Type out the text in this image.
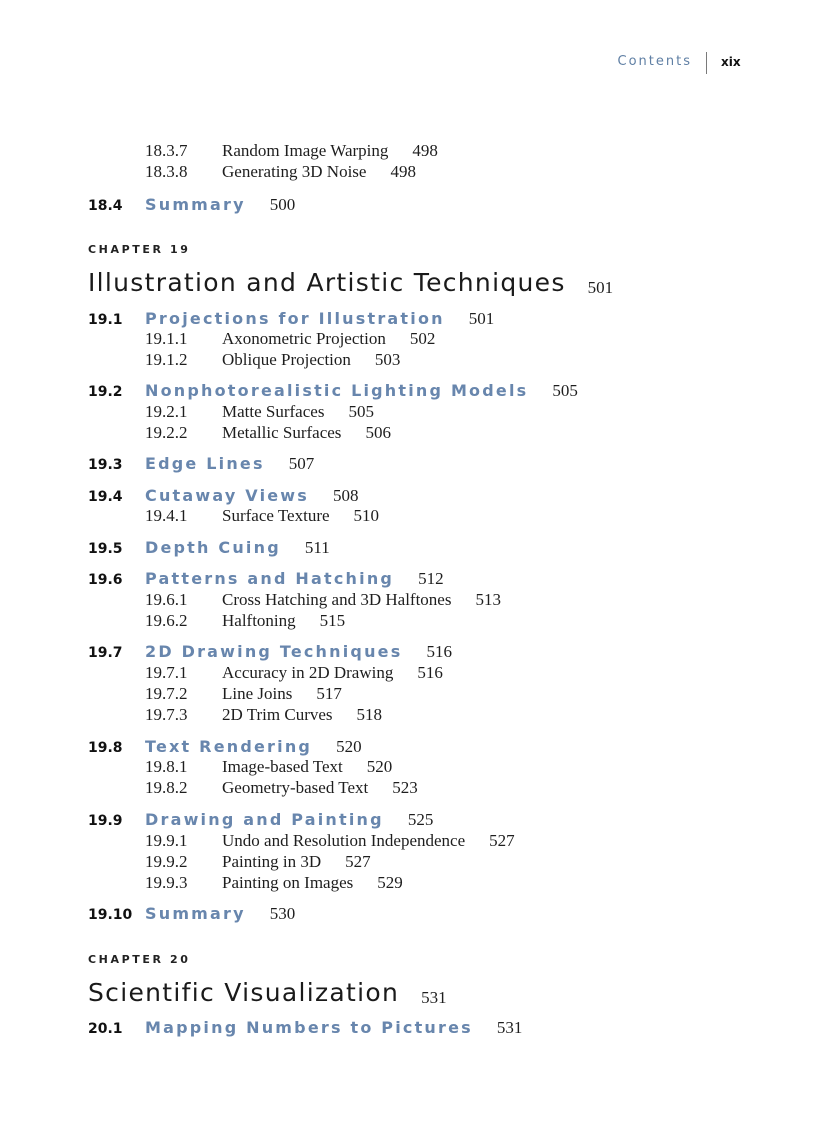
Contents xix
18.3.7 Random Image Warping 498
18.3.8 Generating 3D Noise 498
18.4 Summary 500
CHAPTER 19
Illustration and Artistic Techniques 501
19.1 Projections for Illustration 501
19.1.1 Axonometric Projection 502
19.1.2 Oblique Projection 503
19.2 Nonphotorealistic Lighting Models 505
19.2.1 Matte Surfaces 505
19.2.2 Metallic Surfaces 506
19.3 Edge Lines 507
19.4 Cutaway Views 508
19.4.1 Surface Texture 510
19.5 Depth Cuing 511
19.6 Patterns and Hatching 512
19.6.1 Cross Hatching and 3D Halftones 513
19.6.2 Halftoning 515
19.7 2D Drawing Techniques 516
19.7.1 Accuracy in 2D Drawing 516
19.7.2 Line Joins 517
19.7.3 2D Trim Curves 518
19.8 Text Rendering 520
19.8.1 Image-based Text 520
19.8.2 Geometry-based Text 523
19.9 Drawing and Painting 525
19.9.1 Undo and Resolution Independence 527
19.9.2 Painting in 3D 527
19.9.3 Painting on Images 529
19.10 Summary 530
CHAPTER 20
Scientific Visualization 531
20.1 Mapping Numbers to Pictures 531
